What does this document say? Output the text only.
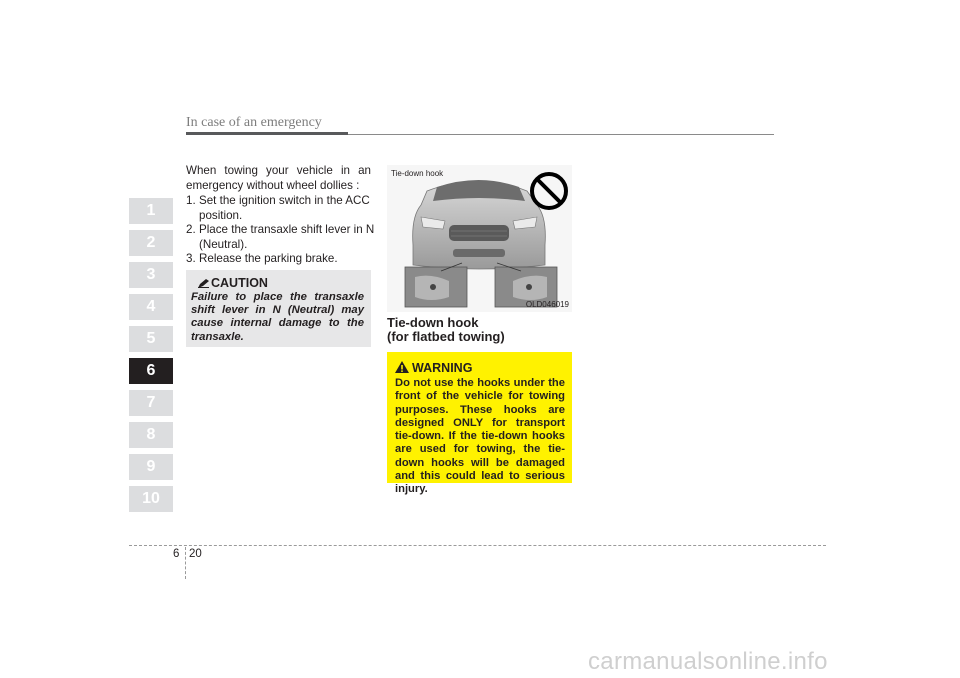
In case of an emergency
1
2
3
4
5
6
7
8
9
10
When towing your vehicle in an emergency without wheel dollies :
1. Set the ignition switch in the ACC position.
2. Place the transaxle shift lever in N (Neutral).
3. Release the parking brake.
CAUTION
Failure to place the transaxle shift lever in N (Neutral) may cause internal damage to the transaxle.
Tie-down hook
OLD046019
Tie-down hook
(for flatbed towing)
WARNING
Do not use the hooks under the front of the vehicle for towing purposes. These hooks are designed ONLY for transport tie-down. If the tie-down hooks are used for towing, the tie-down hooks will be damaged and this could lead to serious injury.
6 20
carmanualsonline.info
